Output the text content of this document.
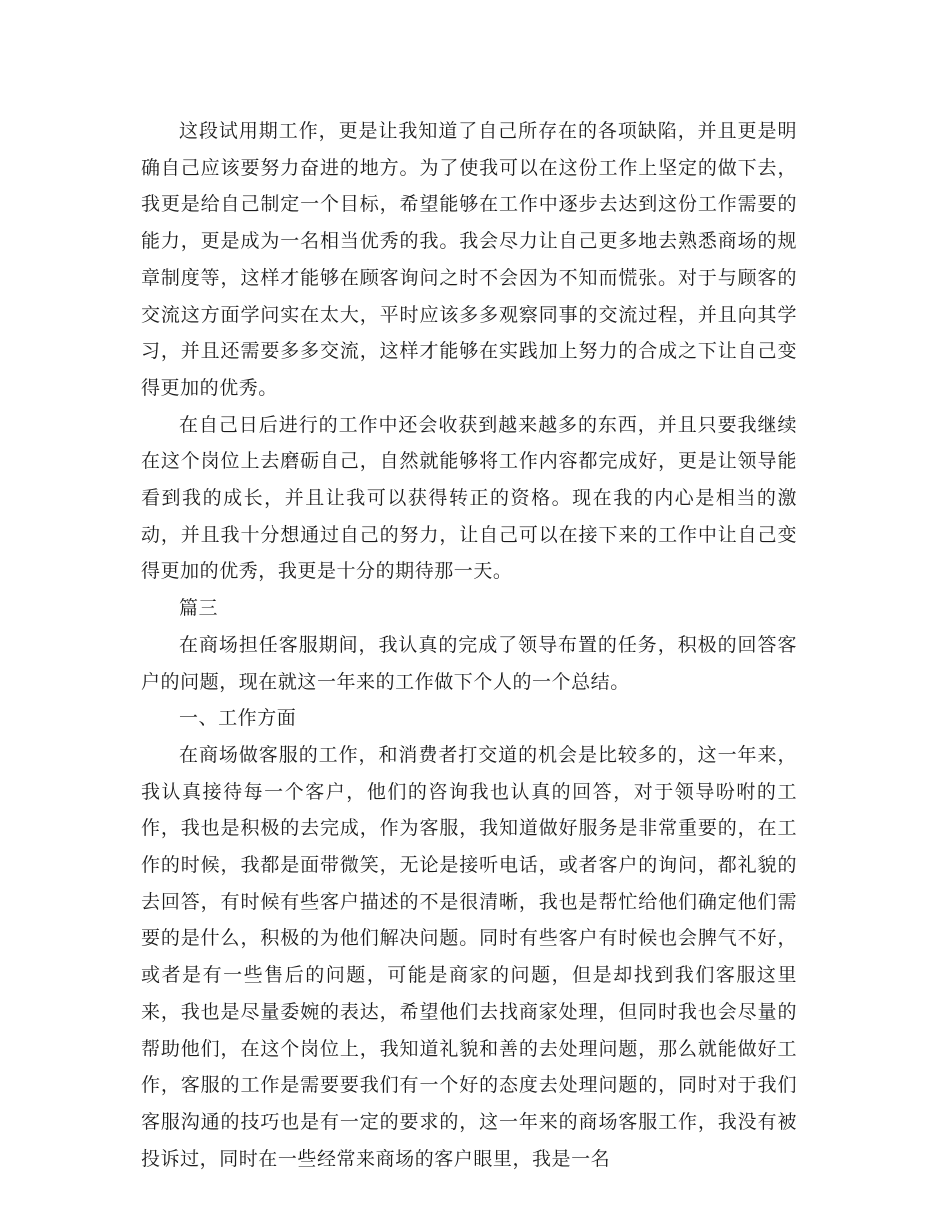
这段试用期工作，更是让我知道了自己所存在的各项缺陷，并且更是明确自己应该要努力奋进的地方。为了使我可以在这份工作上坚定的做下去，我更是给自己制定一个目标，希望能够在工作中逐步去达到这份工作需要的能力，更是成为一名相当优秀的我。我会尽力让自己更多地去熟悉商场的规章制度等，这样才能够在顾客询问之时不会因为不知而慌张。对于与顾客的交流这方面学问实在太大，平时应该多多观察同事的交流过程，并且向其学习，并且还需要多多交流，这样才能够在实践加上努力的合成之下让自己变得更加的优秀。

在自己日后进行的工作中还会收获到越来越多的东西，并且只要我继续在这个岗位上去磨砺自己，自然就能够将工作内容都完成好，更是让领导能看到我的成长，并且让我可以获得转正的资格。现在我的内心是相当的激动，并且我十分想通过自己的努力，让自己可以在接下来的工作中让自己变得更加的优秀，我更是十分的期待那一天。

篇三

在商场担任客服期间，我认真的完成了领导布置的任务，积极的回答客户的问题，现在就这一年来的工作做下个人的一个总结。

一、工作方面

在商场做客服的工作，和消费者打交道的机会是比较多的，这一年来，我认真接待每一个客户，他们的咨询我也认真的回答，对于领导吩咐的工作，我也是积极的去完成，作为客服，我知道做好服务是非常重要的，在工作的时候，我都是面带微笑，无论是接听电话，或者客户的询问，都礼貌的去回答，有时候有些客户描述的不是很清晰，我也是帮忙给他们确定他们需要的是什么，积极的为他们解决问题。同时有些客户有时候也会脾气不好，或者是有一些售后的问题，可能是商家的问题，但是却找到我们客服这里来，我也是尽量委婉的表达，希望他们去找商家处理，但同时我也会尽量的帮助他们，在这个岗位上，我知道礼貌和善的去处理问题，那么就能做好工作，客服的工作是需要要我们有一个好的态度去处理问题的，同时对于我们客服沟通的技巧也是有一定的要求的，这一年来的商场客服工作，我没有被投诉过，同时在一些经常来商场的客户眼里，我是一名
